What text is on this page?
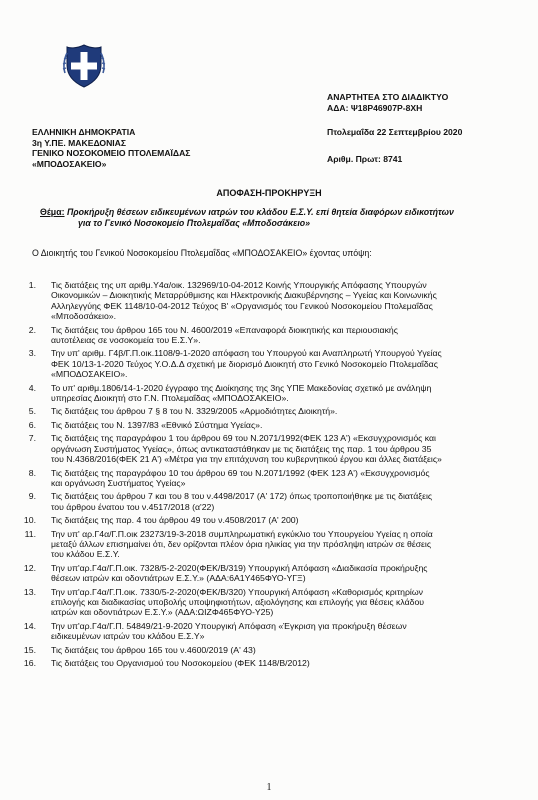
ΑΝΑΡΤΗΤΕΑ ΣΤΟ ΔΙΑΔΙΚΤΥΟ
ΑΔΑ: Ψ18Ρ46907Ρ-8ΧΗ
ΕΛΛΗΝΙΚΗ ΔΗΜΟΚΡΑΤΙΑ
3η Υ.ΠΕ. ΜΑΚΕΔΟΝΙΑΣ
ΓΕΝΙΚΟ ΝΟΣΟΚΟΜΕΙΟ ΠΤΟΛΕΜΑΪΔΑΣ
«ΜΠΟΔΟΣΑΚΕΙΟ»
Πτολεμαΐδα 22 Σεπτεμβρίου 2020
Αριθμ. Πρωτ: 8741
ΑΠΟΦΑΣΗ-ΠΡΟΚΗΡΥΞΗ
Θέμα: Προκήρυξη θέσεων ειδικευμένων ιατρών του κλάδου Ε.Σ.Υ. επί θητεία διαφόρων ειδικοτήτων
για το Γενικό Νοσοκομείο Πτολεμαΐδας «Μποδοσάκειο»
Ο Διοικητής του Γενικού Νοσοκομείου Πτολεμαΐδας «ΜΠΟΔΟΣΑΚΕΙΟ» έχοντας υπόψη:
1. Τις διατάξεις της υπ αριθμ.Υ4α/οικ. 132969/10-04-2012 Κοινής Υπουργικής Απόφασης Υπουργών
Οικονομικών – Διοικητικής Μεταρρύθμισης και Ηλεκτρονικής Διακυβέρνησης – Υγείας και Κοινωνικής
Αλληλεγγύης ΦΕΚ 1148/10-04-2012 Τεύχος Β' «Οργανισμός του Γενικού Νοσοκομείου Πτολεμαΐδας
«Μποδοσάκειο».
2. Τις διατάξεις του άρθρου 165 του Ν. 4600/2019 «Επαναφορά διοικητικής και περιουσιακής
αυτοτέλειας σε νοσοκομεία του Ε.Σ.Υ».
3. Την υπ' αριθμ. Γ4β/Γ.Π.οικ.1108/9-1-2020 απόφαση του Υπουργού και Αναπληρωτή Υπουργού Υγείας
ΦΕΚ 10/13-1-2020 Τεύχος Υ.Ο.Δ.Δ σχετική με διορισμό Διοικητή στο Γενικό Νοσοκομείο Πτολεμαΐδας
«ΜΠΟΔΟΣΑΚΕΙΟ».
4. Το υπ' αριθμ.1806/14-1-2020 έγγραφο της Διοίκησης της 3ης ΥΠΕ Μακεδονίας σχετικό με ανάληψη
υπηρεσίας Διοικητή στο Γ.Ν. Πτολεμαΐδας «ΜΠΟΔΟΣΑΚΕΙΟ».
5. Τις διατάξεις του άρθρου 7 § 8 του Ν. 3329/2005 «Αρμοδιότητες Διοικητή».
6. Τις διατάξεις του Ν. 1397/83 «Εθνικό Σύστημα Υγείας».
7. Τις διατάξεις της παραγράφου 1 του άρθρου 69 του Ν.2071/1992(ΦΕΚ 123 Α') «Εκσυγχρονισμός και
οργάνωση Συστήματος Υγείας», όπως αντικαταστάθηκαν με τις διατάξεις της παρ. 1 του άρθρου 35
του Ν.4368/2016(ΦΕΚ 21 Α') «Μέτρα για την επιτάχυνση του κυβερνητικού έργου και άλλες διατάξεις»
8. Τις διατάξεις της παραγράφου 10 του άρθρου 69 του Ν.2071/1992 (ΦΕΚ 123 Α') «Εκσυγχρονισμός
και οργάνωση Συστήματος Υγείας»
9. Τις διατάξεις του άρθρου 7 και του 8 του ν.4498/2017 (Α' 172) όπως τροποποιήθηκε με τις διατάξεις
του άρθρου ένατου του ν.4517/2018 (α'22)
10. Τις διατάξεις της παρ. 4 του άρθρου 49 του ν.4508/2017 (Α' 200)
11. Την υπ' αρ.Γ4α/Γ.Π.οικ 23273/19-3-2018 συμπληρωματική εγκύκλιο του Υπουργείου Υγείας η οποία
μεταξύ άλλων επισημαίνει ότι, δεν ορίζονται πλέον όρια ηλικίας για την πρόσληψη ιατρών σε θέσεις
του κλάδου Ε.Σ.Υ.
12. Την υπ'αρ.Γ4α/Γ.Π.οικ. 7328/5-2-2020(ΦΕΚ/Β/319) Υπουργική Απόφαση «Διαδικασία προκήρυξης
θέσεων ιατρών και οδοντιάτρων Ε.Σ.Υ.» (ΑΔΑ:6Α1Υ465ΦΥΟ-ΥΓΞ)
13. Την υπ'αρ.Γ4α/Γ.Π.οικ. 7330/5-2-2020(ΦΕΚ/Β/320) Υπουργική Απόφαση «Καθορισμός κριτηρίων
επιλογής και διαδικασίας υποβολής υποψηφιοτήτων, αξιολόγησης και επιλογής για θέσεις κλάδου
ιατρών και οδοντιάτρων Ε.Σ.Υ.» (ΑΔΑ:ΩΙΖΦ465ΦΥΟ-Υ25)
14. Την υπ'αρ.Γ4α/Γ.Π. 54849/21-9-2020 Υπουργική Απόφαση «Έγκριση για προκήρυξη θέσεων
ειδικευμένων ιατρών του κλάδου Ε.Σ.Υ»
15. Τις διατάξεις του άρθρου 165 του ν.4600/2019 (Α' 43)
16. Τις διατάξεις του Οργανισμού του Νοσοκομείου (ΦΕΚ 1148/Β/2012)
1
